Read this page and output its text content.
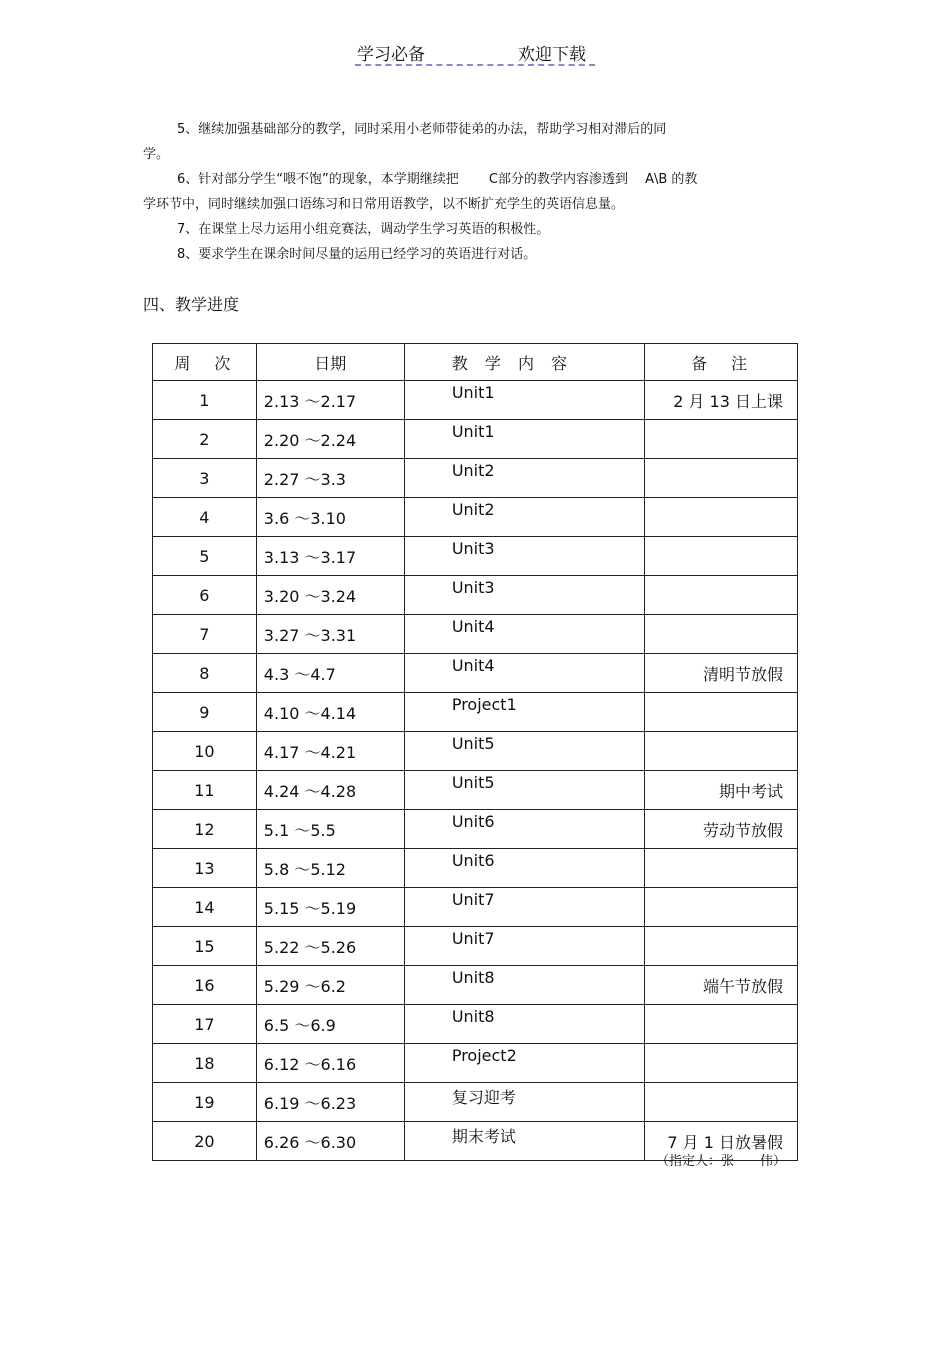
学习必备	欢迎下载
5、继续加强基础部分的教学，同时采用小老师带徒弟的办法，帮助学习相对滞后的同
学。
6、针对部分学生“喂不饱”的现象，本学期继续把　　 C部分的教学内容渗透到　 A\B 的教
学环节中，同时继续加强口语练习和日常用语教学，以不断扩充学生的英语信息量。
7、在课堂上尽力运用小组竞赛法，调动学生学习英语的积极性。
8、要求学生在课余时间尽量的运用已经学习的英语进行对话。
四、教学进度
周　次	日期	教 学 内 容	备　注
1	2.13 ～2.17	Unit1	2 月 13 日上课
2	2.20 ～2.24	Unit1	
3	2.27 ～3.3	Unit2	
4	3.6 ～3.10	Unit2	
5	3.13 ～3.17	Unit3	
6	3.20 ～3.24	Unit3	
7	3.27 ～3.31	Unit4	
8	4.3 ～4.7	Unit4	清明节放假
9	4.10 ～4.14	Project1	
10	4.17 ～4.21	Unit5	
11	4.24 ～4.28	Unit5	期中考试
12	5.1 ～5.5	Unit6	劳动节放假
13	5.8 ～5.12	Unit6	
14	5.15 ～5.19	Unit7	
15	5.22 ～5.26	Unit7	
16	5.29 ～6.2	Unit8	端午节放假
17	6.5 ～6.9	Unit8	
18	6.12 ～6.16	Project2	
19	6.19 ～6.23	复习迎考	
20	6.26 ～6.30	期末考试	7 月 1 日放暑假
（指定人：张　　伟）
